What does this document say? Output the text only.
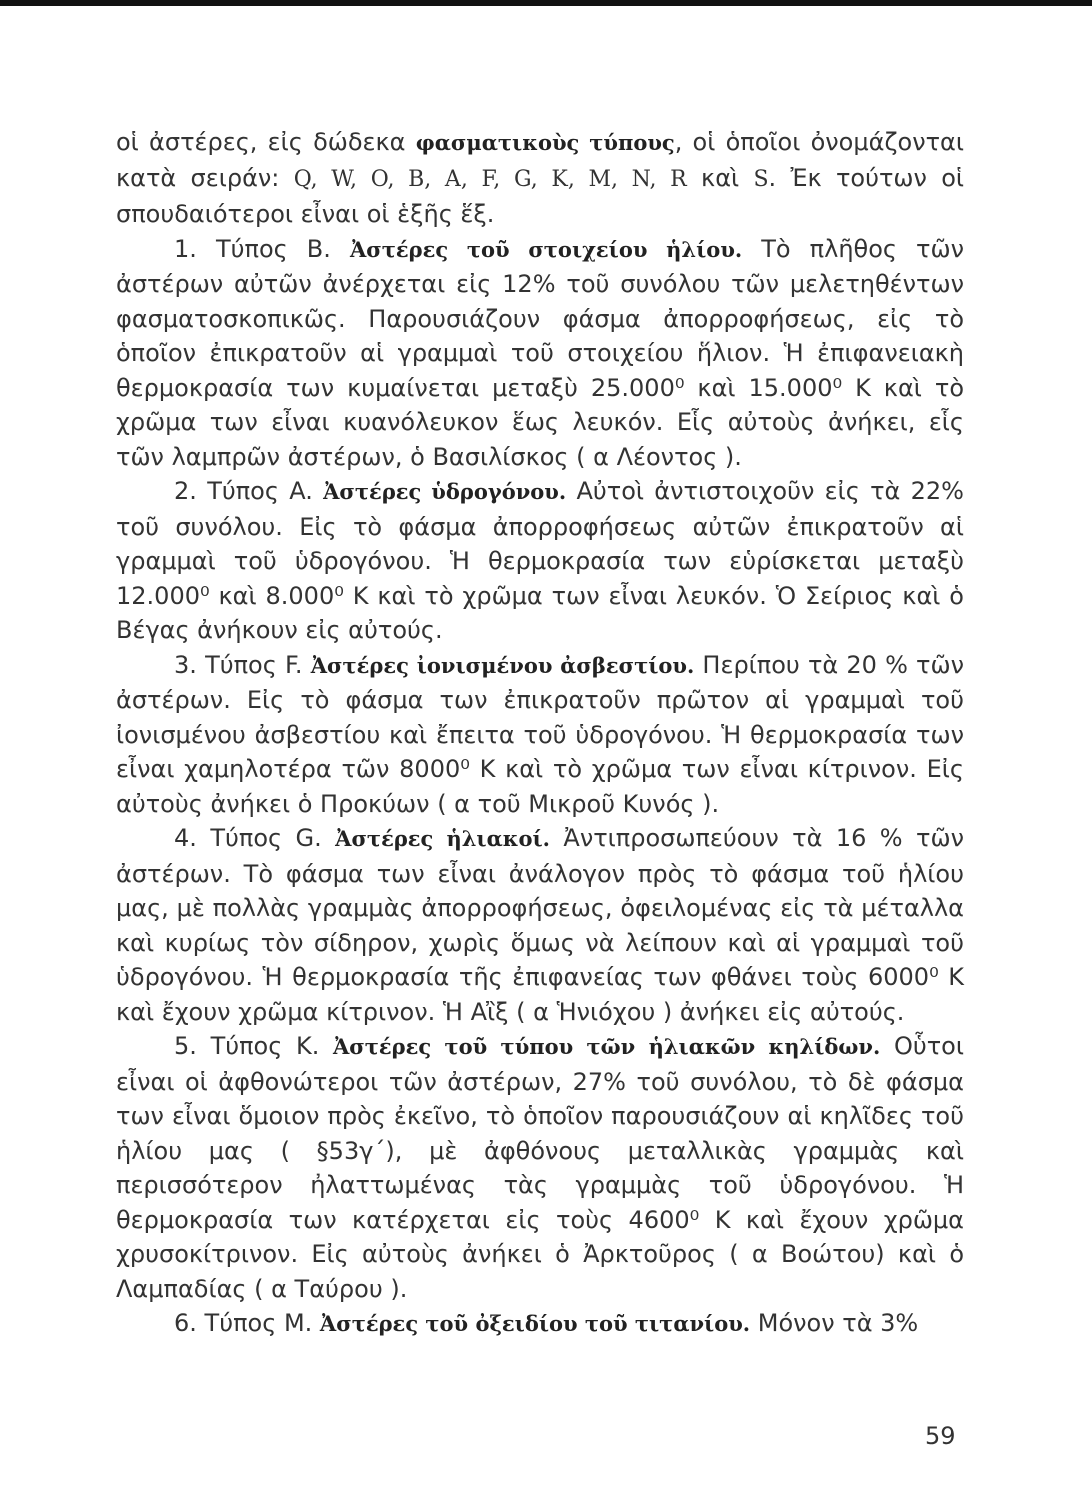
οἱ ἀστέρες, εἰς δώδεκα φασματικοὺς τύπους, οἱ ὁποῖοι ὀνομάζονται κατὰ σειράν: Q, W, O, B, A, F, G, K, M, N, R καὶ S. Ἐκ τούτων οἱ σπουδαιότεροι εἶναι οἱ ἑξῆς ἕξ.

1. Τύπος B. Ἀστέρες τοῦ στοιχείου ἡλίου. Τὸ πλῆθος τῶν ἀστέρων αὐτῶν ἀνέρχεται εἰς 12% τοῦ συνόλου τῶν μελετηθέντων φασματοσκοπικῶς. Παρουσιάζουν φάσμα ἀπορροφήσεως, εἰς τὸ ὁποῖον ἐπικρατοῦν αἱ γραμμαὶ τοῦ στοιχείου ἥλιον. Ἡ ἐπιφανειακὴ θερμοκρασία των κυμαίνεται μεταξὺ 25.000⁰ καὶ 15.000⁰ K καὶ τὸ χρῶμα των εἶναι κυανόλευκον ἕως λευκόν. Εἷς αὐτοὺς ἀνήκει, εἷς τῶν λαμπρῶν ἀστέρων, ὁ Βασιλίσκος ( α Λέοντος ).

2. Τύπος A. Ἀστέρες ὑδρογόνου. Αὐτοὶ ἀντιστοιχοῦν εἰς τὰ 22% τοῦ συνόλου. Εἰς τὸ φάσμα ἀπορροφήσεως αὐτῶν ἐπικρατοῦν αἱ γραμμαὶ τοῦ ὑδρογόνου. Ἡ θερμοκρασία των εὑρίσκεται μεταξὺ 12.000⁰ καὶ 8.000⁰ K καὶ τὸ χρῶμα των εἶναι λευκόν. Ὁ Σείριος καὶ ὁ Βέγας ἀνήκουν εἰς αὐτούς.

3. Τύπος F. Ἀστέρες ἰονισμένου ἀσβεστίου. Περίπου τὰ 20 % τῶν ἀστέρων. Εἰς τὸ φάσμα των ἐπικρατοῦν πρῶτον αἱ γραμμαὶ τοῦ ἰονισμένου ἀσβεστίου καὶ ἔπειτα τοῦ ὑδρογόνου. Ἡ θερμοκρασία των εἶναι χαμηλοτέρα τῶν 8000⁰ K καὶ τὸ χρῶμα των εἶναι κίτρινον. Εἰς αὐτοὺς ἀνήκει ὁ Προκύων ( α τοῦ Μικροῦ Κυνός ).

4. Τύπος G. Ἀστέρες ἡλιακοί. Ἀντιπροσωπεύουν τὰ 16 % τῶν ἀστέρων. Τὸ φάσμα των εἶναι ἀνάλογον πρὸς τὸ φάσμα τοῦ ἡλίου μας, μὲ πολλὰς γραμμὰς ἀπορροφήσεως, ὀφειλομένας εἰς τὰ μέταλλα καὶ κυρίως τὸν σίδηρον, χωρὶς ὅμως νὰ λείπουν καὶ αἱ γραμμαὶ τοῦ ὑδρογόνου. Ἡ θερμοκρασία τῆς ἐπιφανείας των φθάνει τοὺς 6000⁰ K καὶ ἔχουν χρῶμα κίτρινον. Ἡ Αἲξ ( α Ἡνιόχου ) ἀνήκει εἰς αὐτούς.

5. Τύπος K. Ἀστέρες τοῦ τύπου τῶν ἡλιακῶν κηλίδων. Οὗτοι εἶναι οἱ ἀφθονώτεροι τῶν ἀστέρων, 27% τοῦ συνόλου, τὸ δὲ φάσμα των εἶναι ὅμοιον πρὸς ἐκεῖνο, τὸ ὁποῖον παρουσιάζουν αἱ κηλῖδες τοῦ ἡλίου μας ( §53γ΄), μὲ ἀφθόνους μεταλλικὰς γραμμὰς καὶ περισσότερον ἠλαττωμένας τὰς γραμμὰς τοῦ ὑδρογόνου. Ἡ θερμοκρασία των κατέρχεται εἰς τοὺς 4600⁰ K καὶ ἔχουν χρῶμα χρυσοκίτρινον. Εἰς αὐτοὺς ἀνήκει ὁ Ἀρκτοῦρος ( α Βοώτου) καὶ ὁ Λαμπαδίας ( α Ταύρου ).

6. Τύπος M. Ἀστέρες τοῦ ὀξειδίου τοῦ τιτανίου. Μόνον τὰ 3%

59
